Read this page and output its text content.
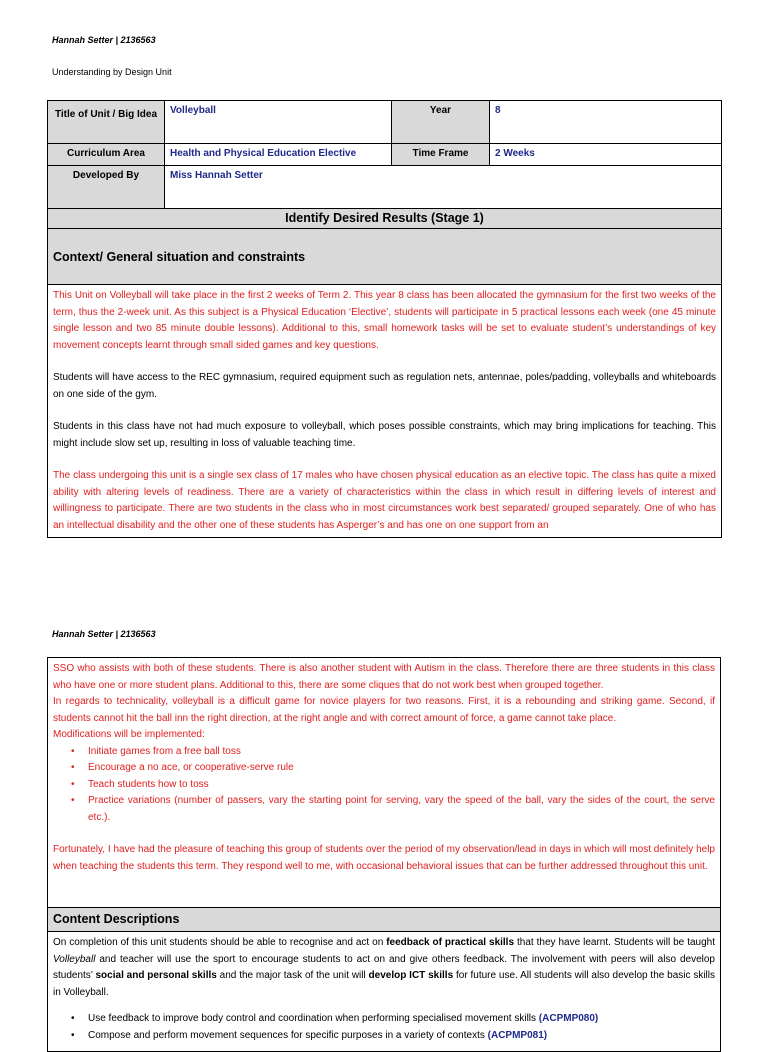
Hannah Setter | 2136563
Understanding by Design Unit
Title of Unit / Big Idea	Volleyball	Year	8
Curriculum Area	Health and Physical Education Elective	Time Frame	2 Weeks
Developed By	Miss Hannah Setter		
Identify Desired Results (Stage 1)			
Context/ General situation and constraints			

This Unit on Volleyball will take place in the first 2 weeks of Term 2. This year 8 class has been allocated the gymnasium for the first two weeks of the term, thus the 2-week unit. As this subject is a Physical Education ‘Elective’, students will participate in 5 practical lessons each week (one 45 minute single lesson and two 85 minute double lessons). Additional to this, small homework tasks will be set to evaluate student’s understandings of key movement concepts learnt through small sided games and key questions.

Students will have access to the REC gymnasium, required equipment such as regulation nets, antennae, poles/padding, volleyballs and whiteboards on one side of the gym.

Students in this class have not had much exposure to volleyball, which poses possible constraints, which may bring implications for teaching. This might include slow set up, resulting in loss of valuable teaching time.

The class undergoing this unit is a single sex class of 17 males who have chosen physical education as an elective topic. The class has quite a mixed ability with altering levels of readiness. There are a variety of characteristics within the class in which result in differing levels of interest and willingness to participate. There are two students in the class who in most circumstances work best separated/ grouped separately. One of who has an intellectual disability and the other one of these students has Asperger’s and has one on one support from an			

Hannah Setter | 2136563

SSO who assists with both of these students. There is also another student with Autism in the class. Therefore there are three students in this class who have one or more student plans. Additional to this, there are some cliques that do not work best when grouped together.

In regards to technicality, volleyball is a difficult game for novice players for two reasons. First, it is a rebounding and striking game. Second, if students cannot hit the ball inn the right direction, at the right angle and with correct amount of force, a game cannot take place.

Modifications will be implemented:

• Initiate games from a free ball toss
• Encourage a no ace, or cooperative-serve rule
• Teach students how to toss
• Practice variations (number of passers, vary the starting point for serving, vary the speed of the ball, vary the sides of the court, the serve etc.).

Fortunately, I have had the pleasure of teaching this group of students over the period of my observation/lead in days in which will most definitely help when teaching the students this term. They respond well to me, with occasional behavioral issues that can be further addressed throughout this unit.

Content Descriptions

On completion of this unit students should be able to recognise and act on feedback of practical skills that they have learnt. Students will be taught Volleyball and teacher will use the sport to encourage students to act on and give others feedback. The involvement with peers will also develop students’ social and personal skills and the major task of the unit will develop ICT skills for future use. All students will also develop the basic skills in Volleyball.

• Use feedback to improve body control and coordination when performing specialised movement skills (ACPMP080)
• Compose and perform movement sequences for specific purposes in a variety of contexts (ACPMP081)
